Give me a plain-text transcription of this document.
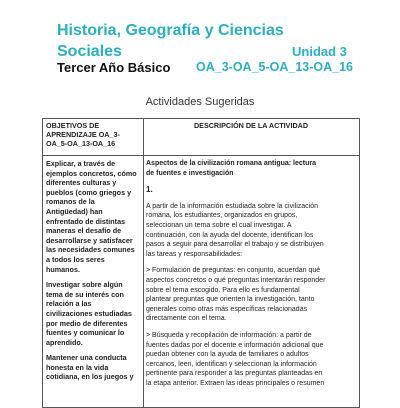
Historia, Geografía y Ciencias

Sociales	Unidad 3

Tercer Año Básico OA_3-OA_5-OA_13-OA_16

Actividades Sugeridas

OBJETIVOS DE
APRENDIZAJE OA_3-
OA_5-OA_13-OA_16
DESCRIPCIÓN DE LA ACTIVIDAD

Explicar, a través de
ejemplos concretos, cómo
diferentes culturas y
pueblos (como griegos y
romanos de la
Antigüedad) han
enfrentado de distintas
maneras el desafío de
desarrollarse y satisfacer
las necesidades comunes
a todos los seres
humanos.

Investigar sobre algún
tema de su interés con
relación a las
civilizaciones estudiadas
por medio de diferentes
fuentes y comunicar lo
aprendido.

Mantener una conducta
honesta en la vida
cotidiana, en los juegos y

Aspectos de la civilización romana antigua: lectura
de fuentes e investigación

1.

A partir de la información estudiada sobre la civilización
romana, los estudiantes, organizados en grupos,
seleccionan un tema sobre el cual investigar. A
continuación, con la ayuda del docente, identifican los
pasos a seguir para desarrollar el trabajo y se distribuyen
las tareas y responsabilidades:

> Formulación de preguntas: en conjunto, acuerdan qué
aspectos concretos o qué preguntas intentarán responder
sobre el tema escogido. Para ello es fundamental
plantear preguntas que orienten la investigación, tanto
generales como otras más específicas relacionadas
directamente con el tema.

> Búsqueda y recopilación de información: a partir de
fuentes dadas por el docente e información adicional que
puedan obtener con la ayuda de familiares o adultos
cercanos, leen, identifican y seleccionan la información
pertinente para responder a las preguntas planteadas en
la etapa anterior. Extraen las ideas principales o resumen
